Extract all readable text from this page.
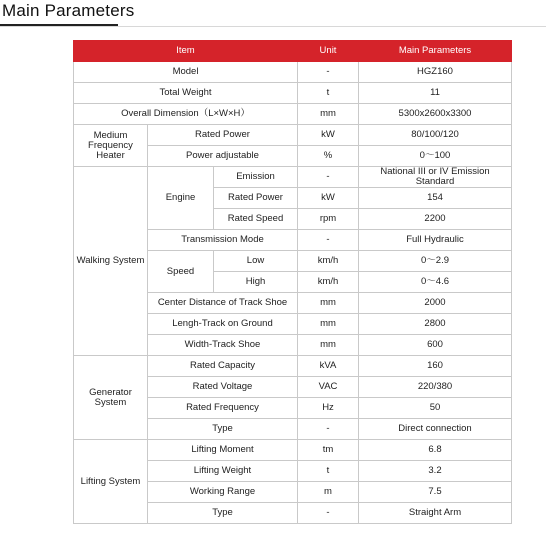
Main Parameters
Item			Unit	Main Parameters
Model			-	HGZ160
Total Weight			t	11
Overall Dimension（L×W×H）			mm	5300x2600x3300
Medium Frequency Heater	Rated Power		kW	80/100/120
	Power adjustable		%	0～100
Walking System	Engine	Emission	-	National III or IV Emission Standard
		Rated Power	kW	154
		Rated Speed	rpm	2200
	Transmission Mode		-	Full Hydraulic
	Speed	Low	km/h	0～2.9
		High	km/h	0～4.6
	Center Distance of Track Shoe		mm	2000
	Lengh-Track on Ground		mm	2800
	Width-Track Shoe		mm	600
Generator System	Rated Capacity		kVA	160
	Rated Voltage		VAC	220/380
	Rated Frequency		Hz	50
	Type		-	Direct connection
Lifting System	Lifting Moment		tm	6.8
	Lifting Weight		t	3.2
	Working Range		m	7.5
	Type		-	Straight Arm
